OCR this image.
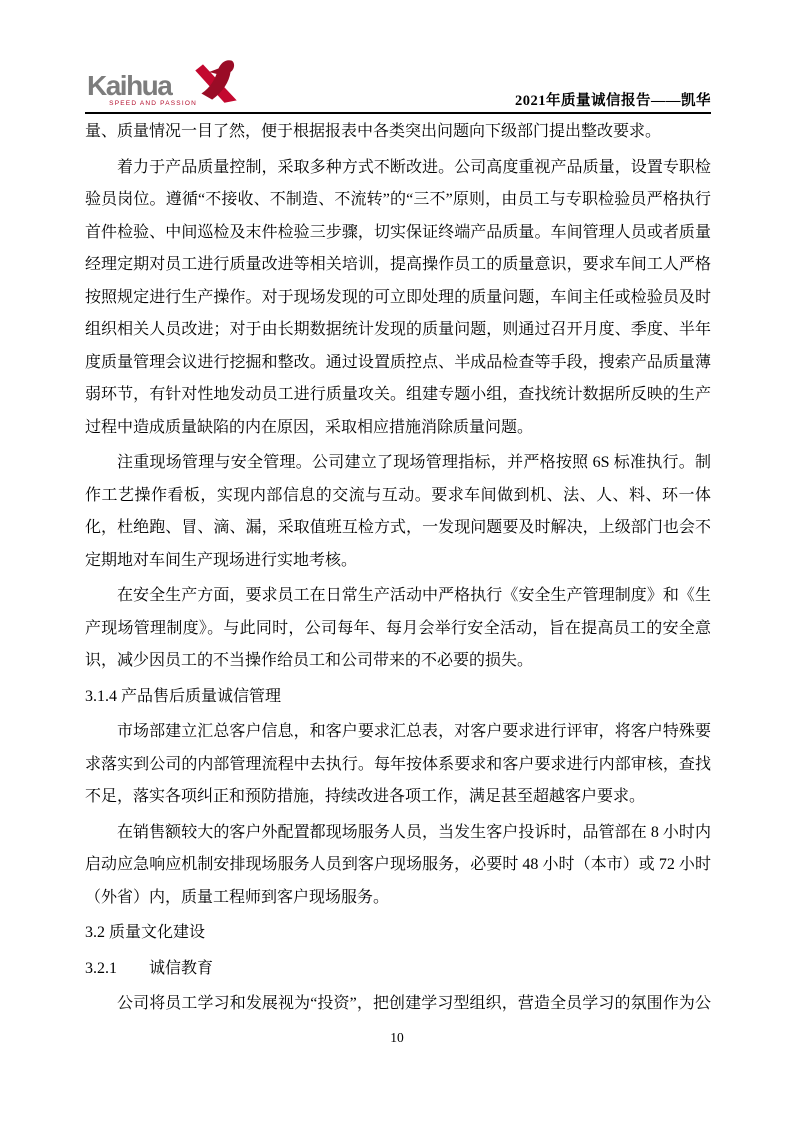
Kaihua
SPEED AND PASSION	2021年质量诚信报告——凯华

量、质量情况一目了然，便于根据报表中各类突出问题向下级部门提出整改要求。

着力于产品质量控制，采取多种方式不断改进。公司高度重视产品质量，设置专职检验员岗位。遵循“不接收、不制造、不流转”的“三不”原则，由员工与专职检验员严格执行首件检验、中间巡检及末件检验三步骤，切实保证终端产品质量。车间管理人员或者质量经理定期对员工进行质量改进等相关培训，提高操作员工的质量意识，要求车间工人严格按照规定进行生产操作。对于现场发现的可立即处理的质量问题，车间主任或检验员及时组织相关人员改进；对于由长期数据统计发现的质量问题，则通过召开月度、季度、半年度质量管理会议进行挖掘和整改。通过设置质控点、半成品检查等手段，搜索产品质量薄弱环节，有针对性地发动员工进行质量攻关。组建专题小组，查找统计数据所反映的生产过程中造成质量缺陷的内在原因，采取相应措施消除质量问题。

注重现场管理与安全管理。公司建立了现场管理指标，并严格按照 6S 标准执行。制作工艺操作看板，实现内部信息的交流与互动。要求车间做到机、法、人、料、环一体化，杜绝跑、冒、滴、漏，采取值班互检方式，一发现问题要及时解决，上级部门也会不定期地对车间生产现场进行实地考核。

在安全生产方面，要求员工在日常生产活动中严格执行《安全生产管理制度》和《生产现场管理制度》。与此同时，公司每年、每月会举行安全活动，旨在提高员工的安全意识，减少因员工的不当操作给员工和公司带来的不必要的损失。

3.1.4 产品售后质量诚信管理

市场部建立汇总客户信息，和客户要求汇总表，对客户要求进行评审，将客户特殊要求落实到公司的内部管理流程中去执行。每年按体系要求和客户要求进行内部审核，查找不足，落实各项纠正和预防措施，持续改进各项工作，满足甚至超越客户要求。

在销售额较大的客户外配置都现场服务人员，当发生客户投诉时，品管部在 8 小时内启动应急响应机制安排现场服务人员到客户现场服务，必要时 48 小时（本市）或 72 小时（外省）内，质量工程师到客户现场服务。

3.2 质量文化建设

3.2.1　　诚信教育

公司将员工学习和发展视为“投资”，把创建学习型组织，营造全员学习的氛围作为公

10
